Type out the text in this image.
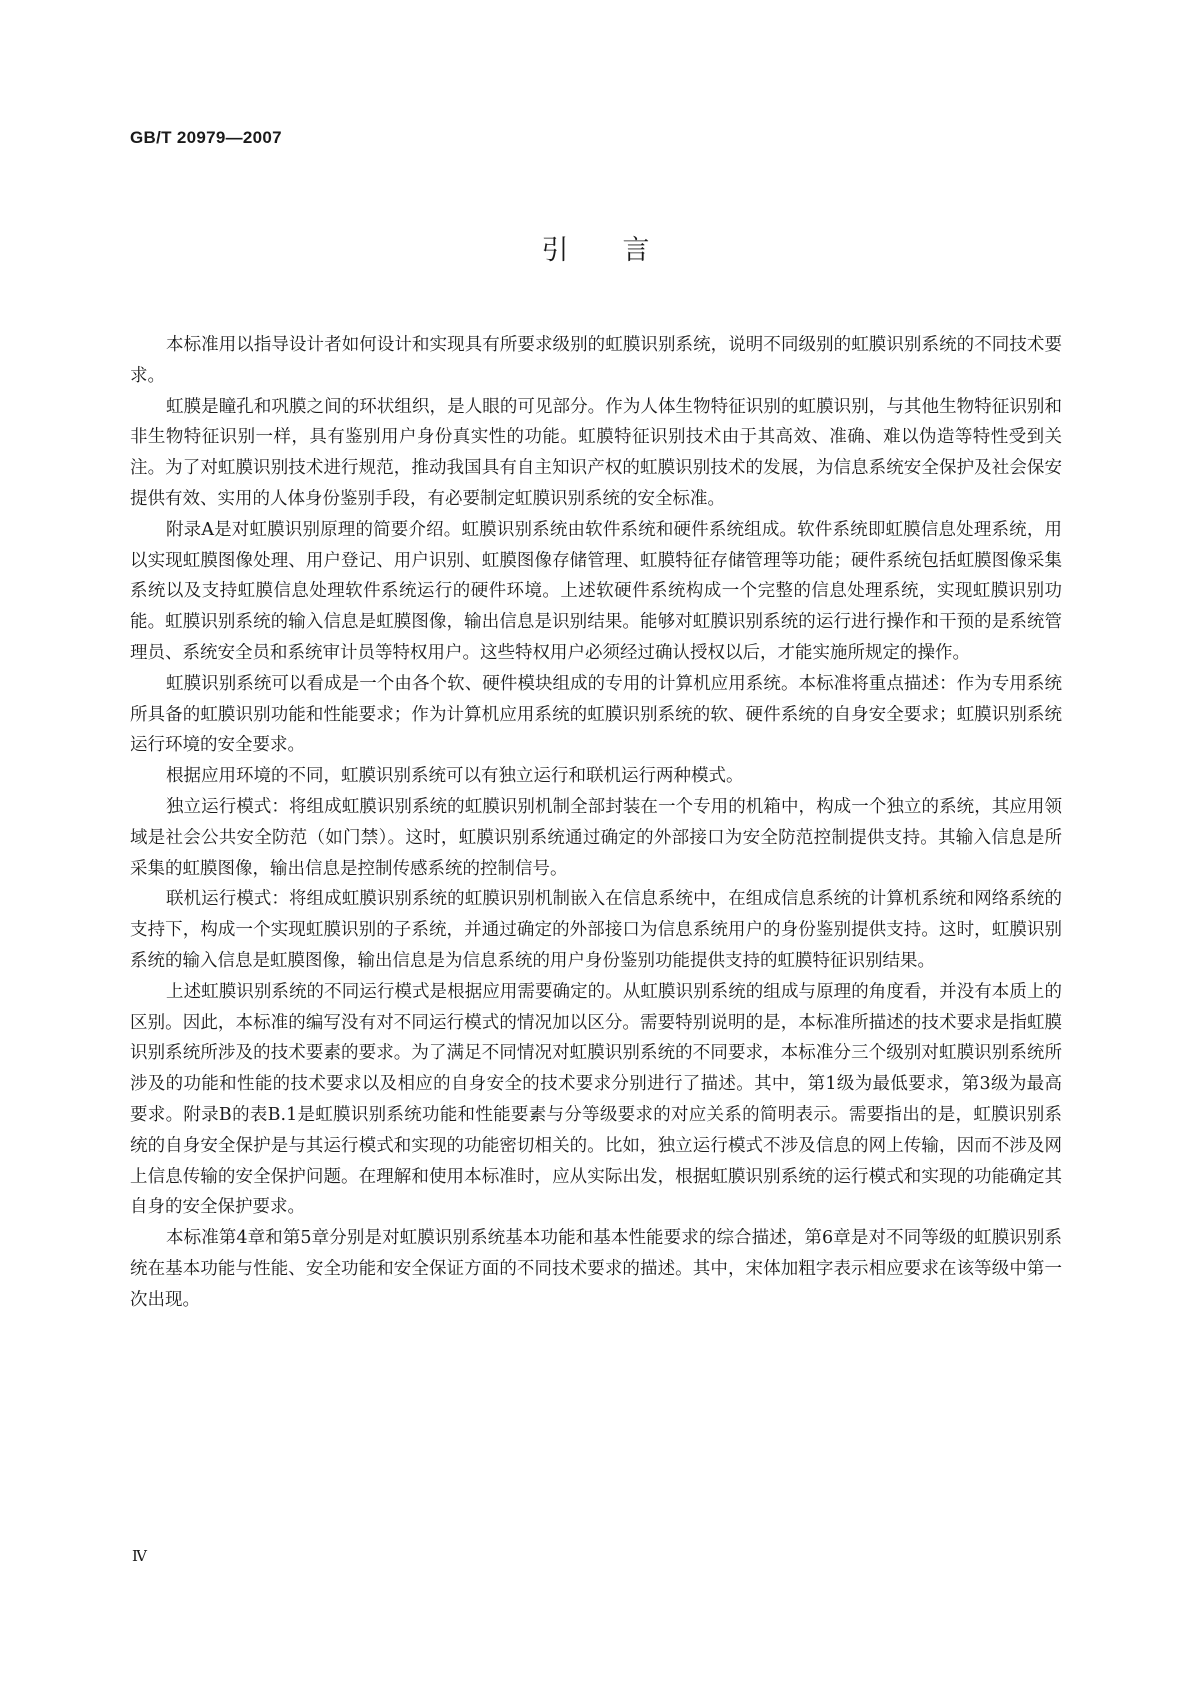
GB/T 20979—2007
引言

本标准用以指导设计者如何设计和实现具有所要求级别的虹膜识别系统，说明不同级别的虹膜识别系统的不同技术要求。

虹膜是瞳孔和巩膜之间的环状组织，是人眼的可见部分。作为人体生物特征识别的虹膜识别，与其他生物特征识别和非生物特征识别一样，具有鉴别用户身份真实性的功能。虹膜特征识别技术由于其高效、准确、难以伪造等特性受到关注。为了对虹膜识别技术进行规范，推动我国具有自主知识产权的虹膜识别技术的发展，为信息系统安全保护及社会保安提供有效、实用的人体身份鉴别手段，有必要制定虹膜识别系统的安全标准。

附录A是对虹膜识别原理的简要介绍。虹膜识别系统由软件系统和硬件系统组成。软件系统即虹膜信息处理系统，用以实现虹膜图像处理、用户登记、用户识别、虹膜图像存储管理、虹膜特征存储管理等功能；硬件系统包括虹膜图像采集系统以及支持虹膜信息处理软件系统运行的硬件环境。上述软硬件系统构成一个完整的信息处理系统，实现虹膜识别功能。虹膜识别系统的输入信息是虹膜图像，输出信息是识别结果。能够对虹膜识别系统的运行进行操作和干预的是系统管理员、系统安全员和系统审计员等特权用户。这些特权用户必须经过确认授权以后，才能实施所规定的操作。

虹膜识别系统可以看成是一个由各个软、硬件模块组成的专用的计算机应用系统。本标准将重点描述：作为专用系统所具备的虹膜识别功能和性能要求；作为计算机应用系统的虹膜识别系统的软、硬件系统的自身安全要求；虹膜识别系统运行环境的安全要求。

根据应用环境的不同，虹膜识别系统可以有独立运行和联机运行两种模式。

独立运行模式：将组成虹膜识别系统的虹膜识别机制全部封装在一个专用的机箱中，构成一个独立的系统，其应用领域是社会公共安全防范（如门禁）。这时，虹膜识别系统通过确定的外部接口为安全防范控制提供支持。其输入信息是所采集的虹膜图像，输出信息是控制传感系统的控制信号。

联机运行模式：将组成虹膜识别系统的虹膜识别机制嵌入在信息系统中，在组成信息系统的计算机系统和网络系统的支持下，构成一个实现虹膜识别的子系统，并通过确定的外部接口为信息系统用户的身份鉴别提供支持。这时，虹膜识别系统的输入信息是虹膜图像，输出信息是为信息系统的用户身份鉴别功能提供支持的虹膜特征识别结果。

上述虹膜识别系统的不同运行模式是根据应用需要确定的。从虹膜识别系统的组成与原理的角度看，并没有本质上的区别。因此，本标准的编写没有对不同运行模式的情况加以区分。需要特别说明的是，本标准所描述的技术要求是指虹膜识别系统所涉及的技术要素的要求。为了满足不同情况对虹膜识别系统的不同要求，本标准分三个级别对虹膜识别系统所涉及的功能和性能的技术要求以及相应的自身安全的技术要求分别进行了描述。其中，第1级为最低要求，第3级为最高要求。附录B的表B.1是虹膜识别系统功能和性能要素与分等级要求的对应关系的简明表示。需要指出的是，虹膜识别系统的自身安全保护是与其运行模式和实现的功能密切相关的。比如，独立运行模式不涉及信息的网上传输，因而不涉及网上信息传输的安全保护问题。在理解和使用本标准时，应从实际出发，根据虹膜识别系统的运行模式和实现的功能确定其自身的安全保护要求。

本标准第4章和第5章分别是对虹膜识别系统基本功能和基本性能要求的综合描述，第6章是对不同等级的虹膜识别系统在基本功能与性能、安全功能和安全保证方面的不同技术要求的描述。其中，宋体加粗字表示相应要求在该等级中第一次出现。

Ⅳ
